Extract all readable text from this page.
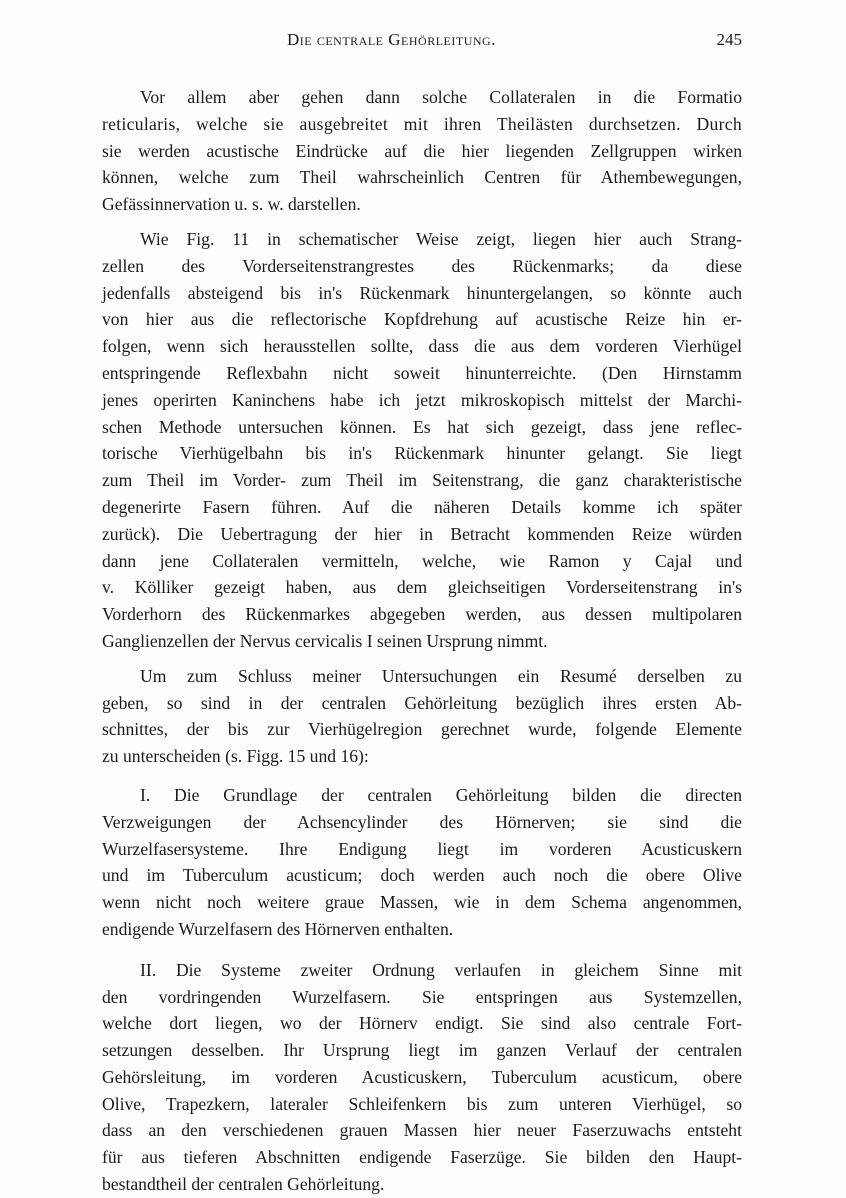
Die centrale Gehörleitung.	245
Vor allem aber gehen dann solche Collateralen in die Formatio
reticularis, welche sie ausgebreitet mit ihren Theilästen durchsetzen. Durch
sie werden acustische Eindrücke auf die hier liegenden Zellgruppen wirken
können, welche zum Theil wahrscheinlich Centren für Athembewegungen,
Gefässinnervation u. s. w. darstellen.
Wie Fig. 11 in schematischer Weise zeigt, liegen hier auch Strang-
zellen des Vorderseitenstrangrestes des Rückenmarks; da diese
jedenfalls absteigend bis in's Rückenmark hinuntergelangen, so könnte auch
von hier aus die reflectorische Kopfdrehung auf acustische Reize hin er-
folgen, wenn sich herausstellen sollte, dass die aus dem vorderen Vierhügel
entspringende Reflexbahn nicht soweit hinunterreichte. (Den Hirnstamm
jenes operirten Kaninchens habe ich jetzt mikroskopisch mittelst der Marchi-
schen Methode untersuchen können. Es hat sich gezeigt, dass jene reflec-
torische Vierhügelbahn bis in's Rückenmark hinunter gelangt. Sie liegt
zum Theil im Vorder- zum Theil im Seitenstrang, die ganz charakteristische
degenerirte Fasern führen. Auf die näheren Details komme ich später
zurück). Die Uebertragung der hier in Betracht kommenden Reize würden
dann jene Collateralen vermitteln, welche, wie Ramon y Cajal und
v. Kölliker gezeigt haben, aus dem gleichseitigen Vorderseitenstrang in's
Vorderhorn des Rückenmarkes abgegeben werden, aus dessen multipolaren
Ganglienzellen der Nervus cervicalis I seinen Ursprung nimmt.
Um zum Schluss meiner Untersuchungen ein Resumé derselben zu
geben, so sind in der centralen Gehörleitung bezüglich ihres ersten Ab-
schnittes, der bis zur Vierhügelregion gerechnet wurde, folgende Elemente
zu unterscheiden (s. Figg. 15 und 16):
I. Die Grundlage der centralen Gehörleitung bilden die directen
Verzweigungen der Achsencylinder des Hörnerven; sie sind die
Wurzelfasersysteme. Ihre Endigung liegt im vorderen Acusticuskern
und im Tuberculum acusticum; doch werden auch noch die obere Olive
wenn nicht noch weitere graue Massen, wie in dem Schema angenommen,
endigende Wurzelfasern des Hörnerven enthalten.
II. Die Systeme zweiter Ordnung verlaufen in gleichem Sinne mit
den vordringenden Wurzelfasern. Sie entspringen aus Systemzellen,
welche dort liegen, wo der Hörnerv endigt. Sie sind also centrale Fort-
setzungen desselben. Ihr Ursprung liegt im ganzen Verlauf der centralen
Gehörsleitung, im vorderen Acusticuskern, Tuberculum acusticum, obere
Olive, Trapezkern, lateraler Schleifenkern bis zum unteren Vierhügel, so
dass an den verschiedenen grauen Massen hier neuer Faserzuwachs entsteht
für aus tieferen Abschnitten endigende Faserzüge. Sie bilden den Haupt-
bestandtheil der centralen Gehörleitung.
